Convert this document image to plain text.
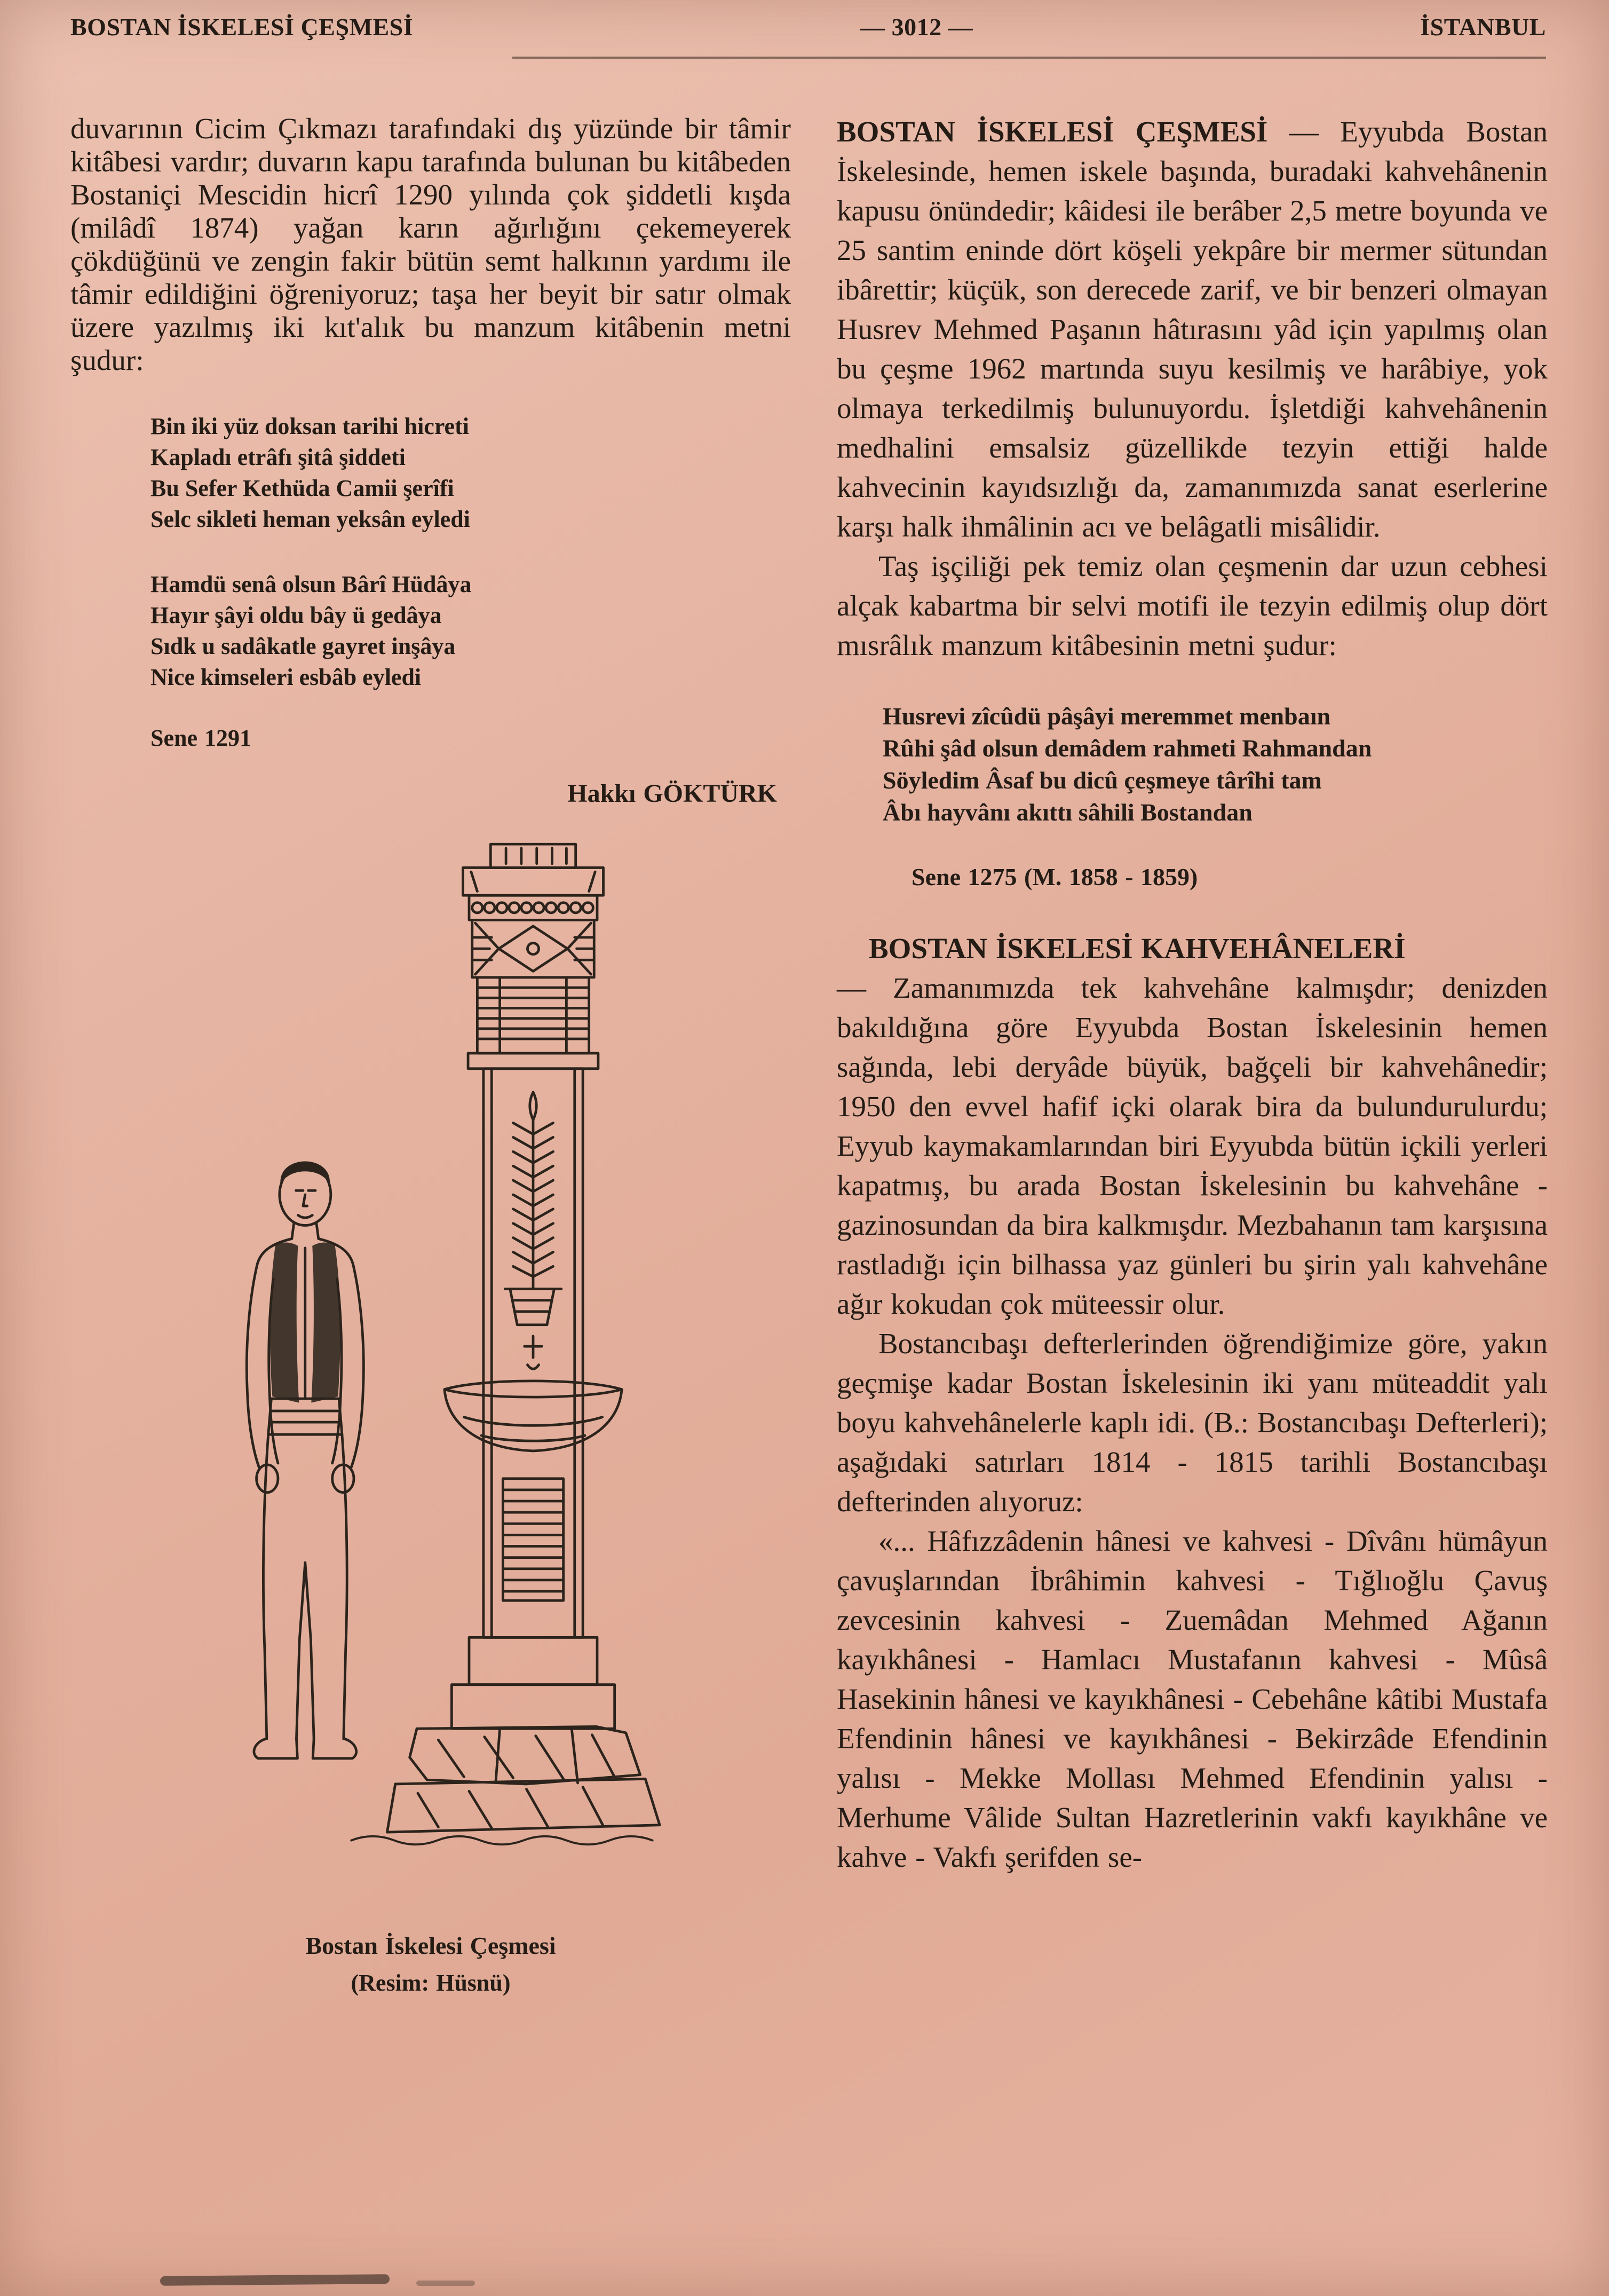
BOSTAN İSKELESİ ÇEŞMESİ	— 3012 —	İSTANBUL

duvarının Cicim Çıkmazı tarafındaki dış yüzünde bir tâmir kitâbesi vardır; duvarın kapu tarafında bulunan bu kitâbeden Bostaniçi Mescidin hicrî 1290 yılında çok şiddetli kışda (milâdî 1874) yağan karın ağırlığını çekemeyerek çökdüğünü ve zengin fakir bütün semt halkının yardımı ile tâmir edildiğini öğreniyoruz; taşa her beyit bir satır olmak üzere yazılmış iki kıt'alık bu manzum kitâbenin metni şudur:

Bin iki yüz doksan tarihi hicreti
Kapladı etrâfı şitâ şiddeti
Bu Sefer Kethüda Camii şerîfi
Selc sikleti heman yeksân eyledi
Hamdü senâ olsun Bârî Hüdâya
Hayır şâyi oldu bây ü gedâya
Sıdk u sadâkatle gayret inşâya
Nice kimseleri esbâb eyledi
Sene 1291
Hakkı GÖKTÜRK
Bostan İskelesi Çeşmesi
(Resim: Hüsnü)

BOSTAN İSKELESİ ÇEŞMESİ — Eyyubda Bostan İskelesinde, hemen iskele başında, buradaki kahvehânenin kapusu önündedir; kâidesi ile berâber 2,5 metre boyunda ve 25 santim eninde dört köşeli yekpâre bir mermer sütundan ibârettir; küçük, son derecede zarif, ve bir benzeri olmayan Husrev Mehmed Paşanın hâtırasını yâd için yapılmış olan bu çeşme 1962 martında suyu kesilmiş ve harâbiye, yok olmaya terkedilmiş bulunuyordu. İşletdiği kahvehânenin medhalini emsalsiz güzellikde tezyin ettiği halde kahvecinin kayıdsızlığı da, zamanımızda sanat eserlerine karşı halk ihmâlinin acı ve belâgatli misâlidir.

Taş işçiliği pek temiz olan çeşmenin dar uzun cebhesi alçak kabartma bir selvi motifi ile tezyin edilmiş olup dört mısrâlık manzum kitâbesinin metni şudur:

Husrevi zîcûdü pâşâyi meremmet menbaın
Rûhi şâd olsun demâdem rahmeti Rahmandan
Söyledim Âsaf bu dicû çeşmeye târîhi tam
Âbı hayvânı akıttı sâhili Bostandan
Sene 1275 (M. 1858 - 1859)

BOSTAN İSKELESİ KAHVEHÂNELERİ

— Zamanımızda tek kahvehâne kalmışdır; denizden bakıldığına göre Eyyubda Bostan İskelesinin hemen sağında, lebi deryâde büyük, bağçeli bir kahvehânedir; 1950 den evvel hafif içki olarak bira da bulundurulurdu; Eyyub kaymakamlarından biri Eyyubda bütün içkili yerleri kapatmış, bu arada Bostan İskelesinin bu kahvehâne - gazinosundan da bira kalkmışdır. Mezbahanın tam karşısına rastladığı için bilhassa yaz günleri bu şirin yalı kahvehâne ağır kokudan çok müteessir olur.

Bostancıbaşı defterlerinden öğrendiğimize göre, yakın geçmişe kadar Bostan İskelesinin iki yanı müteaddit yalı boyu kahvehânelerle kaplı idi. (B.: Bostancıbaşı Defterleri); aşağıdaki satırları 1814 - 1815 tarihli Bostancıbaşı defterinden alıyoruz:

«... Hâfızzâdenin hânesi ve kahvesi - Dîvânı hümâyun çavuşlarından İbrâhimin kahvesi - Tığlıoğlu Çavuş zevcesinin kahvesi - Zuemâdan Mehmed Ağanın kayıkhânesi - Hamlacı Mustafanın kahvesi - Mûsâ Hasekinin hânesi ve kayıkhânesi - Cebehâne kâtibi Mustafa Efendinin hânesi ve kayıkhânesi - Bekirzâde Efendinin yalısı - Mekke Mollası Mehmed Efendinin yalısı - Merhume Vâlide Sultan Hazretlerinin vakfı kayıkhâne ve kahve - Vakfı şerifden se-
